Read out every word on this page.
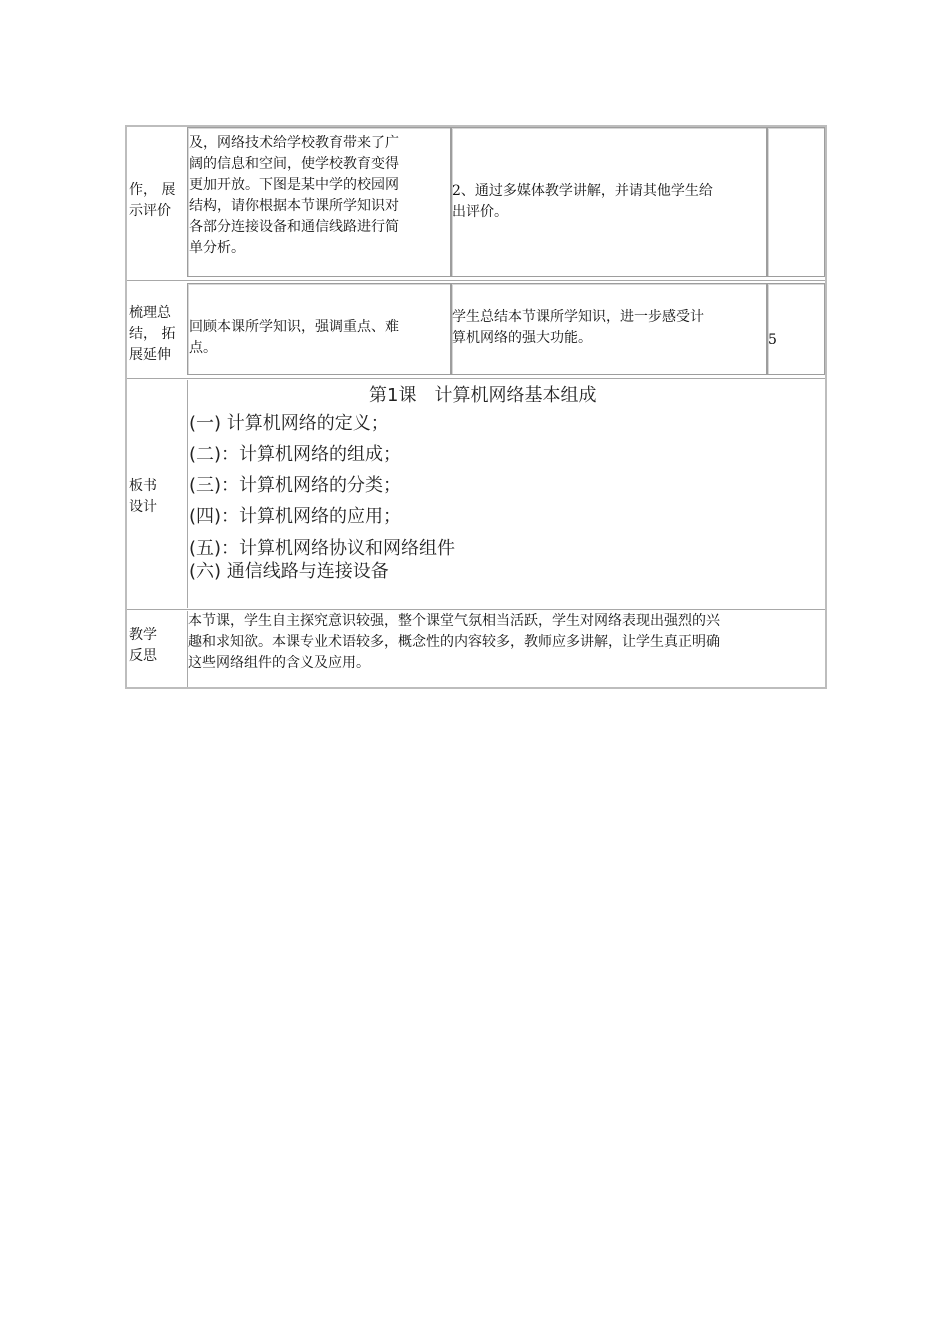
作， 展
示评价
及，网络技术给学校教育带来了广
阔的信息和空间，使学校教育变得
更加开放。下图是某中学的校园网
结构，请你根据本节课所学知识对
各部分连接设备和通信线路进行简
单分析。
2、通过多媒体教学讲解，并请其他学生给
出评价。
梳理总
结， 拓
展延伸
回顾本课所学知识，强调重点、难
点。
学生总结本节课所学知识，进一步感受计
算机网络的强大功能。	5
板书
设计
第1课　计算机网络基本组成
(一) 计算机网络的定义；
(二)：计算机网络的组成；
(三)：计算机网络的分类；
(四)：计算机网络的应用；
(五)：计算机网络协议和网络组件
(六) 通信线路与连接设备
教学
反思
本节课，学生自主探究意识较强，整个课堂气氛相当活跃，学生对网络表现出强烈的兴
趣和求知欲。本课专业术语较多，概念性的内容较多，教师应多讲解，让学生真正明确
这些网络组件的含义及应用。
